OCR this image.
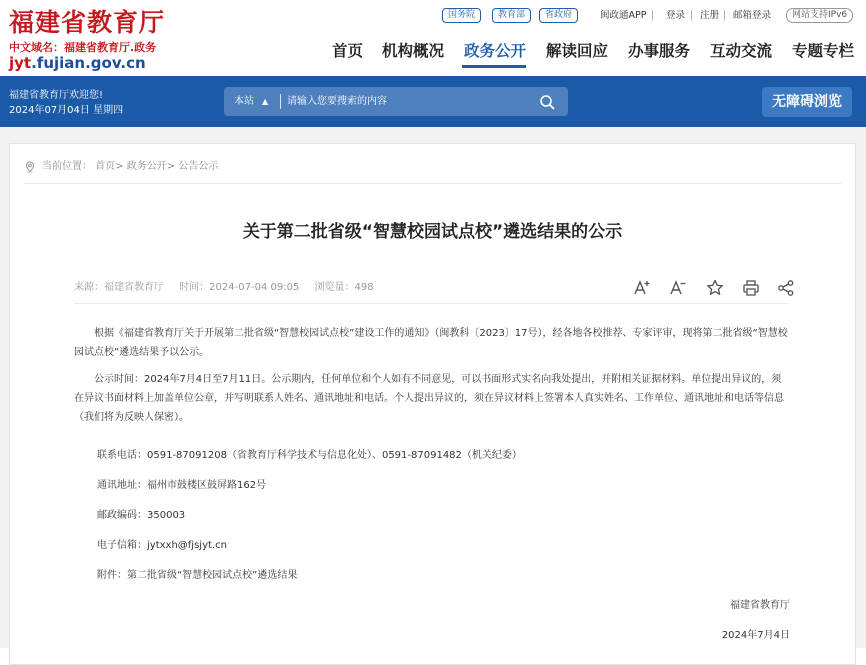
福建省教育厅
中文域名：福建省教育厅.政务
jyt.fujian.gov.cn
国务院	教育部	省政府	闽政通APP | 登录 | 注册 | 邮箱登录	网站支持IPv6
首页 机构概况 政务公开 解读回应 办事服务 互动交流 专题专栏
福建省教育厅欢迎您!
2024年07月04日 星期四
本站 ▲︎
请输入您要搜索的内容	无障碍浏览
当前位置： 首页> 政务公开> 公告公示
关于第二批省级“智慧校园试点校”遴选结果的公示
来源：福建省教育厅 时间：2024-07-04 09:05 浏览量：498

根据《福建省教育厅关于开展第二批省级“智慧校园试点校”建设工作的通知》（闽教科〔2023〕17号），经各地各校推荐、专家评审，现将第二批省级“智慧校园试点校”遴选结果予以公示。

公示时间：2024年7月4日至7月11日。公示期内，任何单位和个人如有不同意见，可以书面形式实名向我处提出，并附相关证据材料。单位提出异议的，须在异议书面材料上加盖单位公章，并写明联系人姓名、通讯地址和电话。个人提出异议的，须在异议材料上签署本人真实姓名、工作单位、通讯地址和电话等信息（我们将为反映人保密）。

联系电话：0591-87091208（省教育厅科学技术与信息化处）、0591-87091482（机关纪委）
通讯地址：福州市鼓楼区鼓屏路162号
邮政编码：350003
电子信箱：jytxxh@fjsjyt.cn
附件：第二批省级“智慧校园试点校”遴选结果
福建省教育厅
2024年7月4日
